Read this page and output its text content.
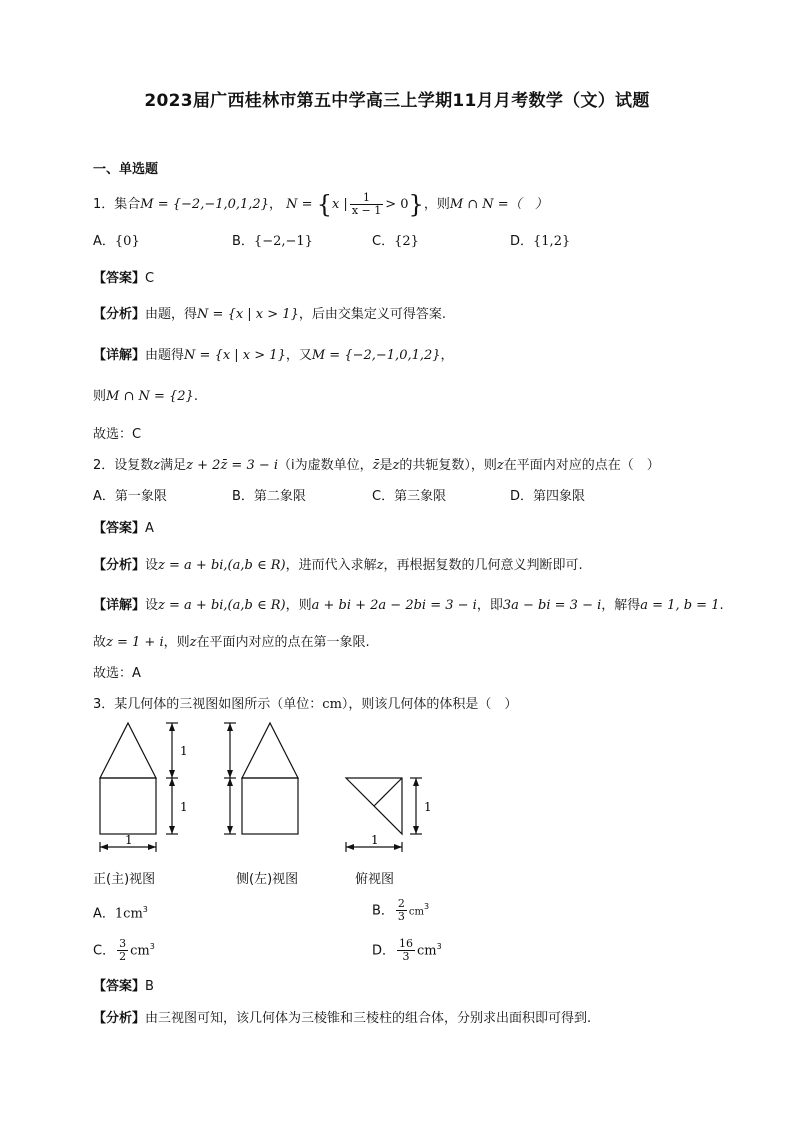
2023届广西桂林市第五中学高三上学期11月月考数学（文）试题
一、单选题
1．集合M = {−2,−1,0,1,2}， N = {x | $\frac{1}{x - 1} > 0$}，则M ∩ N =（　）
A．{0}	B．{−2,−1}	C．{2}	D．{1,2}
【答案】C
【分析】由题，得N = {x | x > 1}，后由交集定义可得答案.
【详解】由题得N = {x | x > 1}，又M = {−2,−1,0,1,2}，
则M ∩ N = {2}.
故选：C
2．设复数z满足z + 2z̄ = 3 − i（i为虚数单位，z̄是z的共轭复数），则z在平面内对应的点在（　）
A．第一象限	B．第二象限	C．第三象限	D．第四象限
【答案】A
【分析】设z = a + bi,(a,b ∈ R)，进而代入求解z，再根据复数的几何意义判断即可.
【详解】设z = a + bi,(a,b ∈ R)，则a + bi + 2a − 2bi = 3 − i，即3a − bi = 3 − i，解得a = 1, b = 1.
故z = 1 + i，则z在平面内对应的点在第一象限.
故选：A
3．某几何体的三视图如图所示（单位：cm），则该几何体的体积是（　）
1
1
1
1
1
正(主)视图	侧(左)视图	俯视图
A．$1cm^3$	B． $\frac{2}{3} cm^3$
C． $\frac{3}{2} cm^3$	D． $\frac{16}{3} cm^3$
【答案】B
【分析】由三视图可知，该几何体为三棱锥和三棱柱的组合体，分别求出面积即可得到.
